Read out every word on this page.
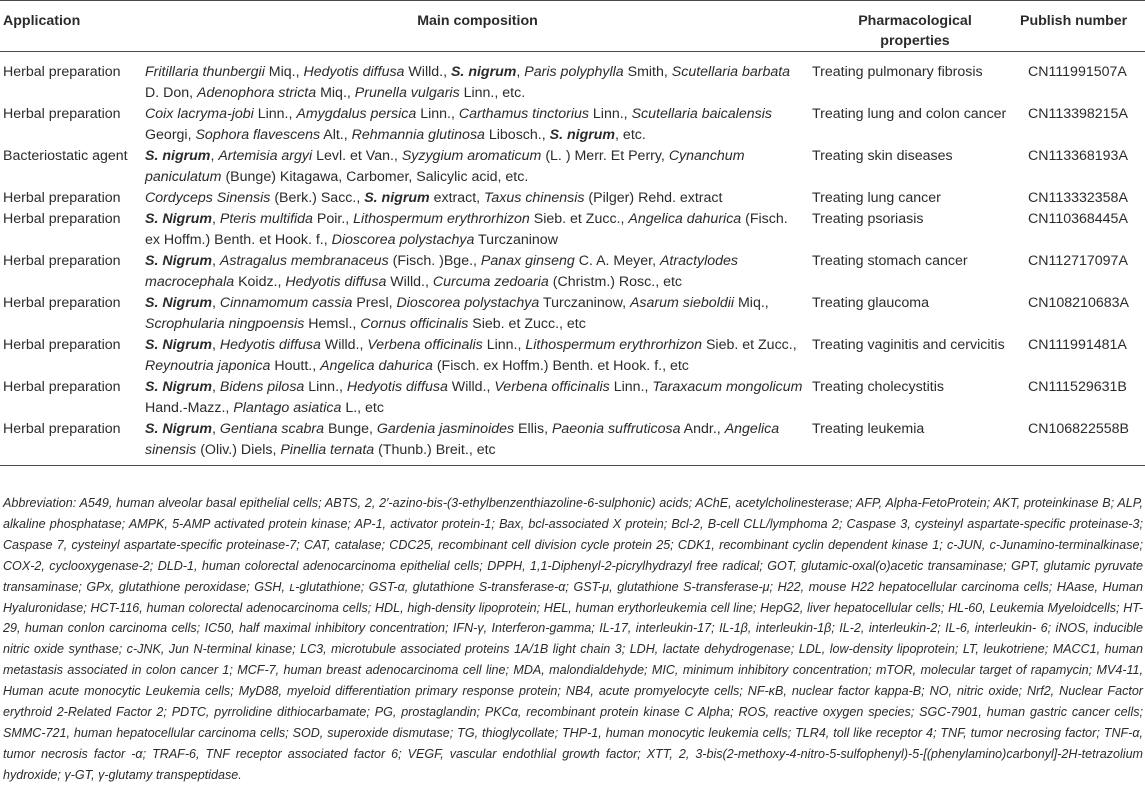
Application	Main composition	Pharmacological properties	Publish number
Herbal preparation	Fritillaria thunbergii Miq., Hedyotis diffusa Willd., S. nigrum, Paris polyphylla Smith, Scutellaria barbata D. Don, Adenophora stricta Miq., Prunella vulgaris Linn., etc.	Treating pulmonary fibrosis	CN111991507A
Herbal preparation	Coix lacryma-jobi Linn., Amygdalus persica Linn., Carthamus tinctorius Linn., Scutellaria baicalensis Georgi, Sophora flavescens Alt., Rehmannia glutinosa Libosch., S. nigrum, etc.	Treating lung and colon cancer	CN113398215A
Bacteriostatic agent	S. nigrum, Artemisia argyi Levl. et Van., Syzygium aromaticum (L. ) Merr. Et Perry, Cynanchum paniculatum (Bunge) Kitagawa, Carbomer, Salicylic acid, etc.	Treating skin diseases	CN113368193A
Herbal preparation	Cordyceps Sinensis (Berk.) Sacc., S. nigrum extract, Taxus chinensis (Pilger) Rehd. extract	Treating lung cancer	CN113332358A
Herbal preparation	S. Nigrum, Pteris multifida Poir., Lithospermum erythrorhizon Sieb. et Zucc., Angelica dahurica (Fisch. ex Hoffm.) Benth. et Hook. f., Dioscorea polystachya Turczaninow	Treating psoriasis	CN110368445A
Herbal preparation	S. Nigrum, Astragalus membranaceus (Fisch. )Bge., Panax ginseng C. A. Meyer, Atractylodes macrocephala Koidz., Hedyotis diffusa Willd., Curcuma zedoaria (Christm.) Rosc., etc	Treating stomach cancer	CN112717097A
Herbal preparation	S. Nigrum, Cinnamomum cassia Presl, Dioscorea polystachya Turczaninow, Asarum sieboldii Miq., Scrophularia ningpoensis Hemsl., Cornus officinalis Sieb. et Zucc., etc	Treating glaucoma	CN108210683A
Herbal preparation	S. Nigrum, Hedyotis diffusa Willd., Verbena officinalis Linn., Lithospermum erythrorhizon Sieb. et Zucc., Reynoutria japonica Houtt., Angelica dahurica (Fisch. ex Hoffm.) Benth. et Hook. f., etc	Treating vaginitis and cervicitis	CN111991481A
Herbal preparation	S. Nigrum, Bidens pilosa Linn., Hedyotis diffusa Willd., Verbena officinalis Linn., Taraxacum mongolicum Hand.-Mazz., Plantago asiatica L., etc	Treating cholecystitis	CN111529631B
Herbal preparation	S. Nigrum, Gentiana scabra Bunge, Gardenia jasminoides Ellis, Paeonia suffruticosa Andr., Angelica sinensis (Oliv.) Diels, Pinellia ternata (Thunb.) Breit., etc	Treating leukemia	CN106822558B
Abbreviation: A549, human alveolar basal epithelial cells; ABTS, 2, 2′-azino-bis-(3-ethylbenzenthiazoline-6-sulphonic) acids; AChE, acetylcholinesterase; AFP, Alpha-FetoProtein; AKT, proteinkinase B; ALP, alkaline phosphatase; AMPK, 5-AMP activated protein kinase; AP-1, activator protein-1; Bax, bcl-associated X protein; Bcl-2, B-cell CLL/lymphoma 2; Caspase 3, cysteinyl aspartate-specific proteinase-3; Caspase 7, cysteinyl aspartate-specific proteinase-7; CAT, catalase; CDC25, recombinant cell division cycle protein 25; CDK1, recombinant cyclin dependent kinase 1; c-JUN, c-Junamino-terminalkinase; COX-2, cyclooxygenase-2; DLD-1, human colorectal adenocarcinoma epithelial cells; DPPH, 1,1-Diphenyl-2-picrylhydrazyl free radical; GOT, glutamic-oxal(o)acetic transaminase; GPT, glutamic pyruvate transaminase; GPx, glutathione peroxidase; GSH, ʟ-glutathione; GST-α, glutathione S-transferase-α; GST-μ, glutathione S-transferase-μ; H22, mouse H22 hepatocellular carcinoma cells; HAase, Human Hyaluronidase; HCT-116, human colorectal adenocarcinoma cells; HDL, high-density lipoprotein; HEL, human erythorleukemia cell line; HepG2, liver hepatocellular cells; HL-60, Leukemia Myeloidcells; HT-29, human conlon carcinoma cells; IC50, half maximal inhibitory concentration; IFN-γ, Interferon-gamma; IL-17, interleukin-17; IL-1β, interleukin-1β; IL-2, interleukin-2; IL-6, interleukin- 6; iNOS, inducible nitric oxide synthase; c-JNK, Jun N-terminal kinase; LC3, microtubule associated proteins 1A/1B light chain 3; LDH, lactate dehydrogenase; LDL, low-density lipoprotein; LT, leukotriene; MACC1, human metastasis associated in colon cancer 1; MCF-7, human breast adenocarcinoma cell line; MDA, malondialdehyde; MIC, minimum inhibitory concentration; mTOR, molecular target of rapamycin; MV4-11, Human acute monocytic Leukemia cells; MyD88, myeloid differentiation primary response protein; NB4, acute promyelocyte cells; NF-κB, nuclear factor kappa-B; NO, nitric oxide; Nrf2, Nuclear Factor erythroid 2-Related Factor 2; PDTC, pyrrolidine dithiocarbamate; PG, prostaglandin; PKCα, recombinant protein kinase C Alpha; ROS, reactive oxygen species; SGC-7901, human gastric cancer cells; SMMC-721, human hepatocellular carcinoma cells; SOD, superoxide dismutase; TG, thioglycollate; THP-1, human monocytic leukemia cells; TLR4, toll like receptor 4; TNF, tumor necrosing factor; TNF-α, tumor necrosis factor -α; TRAF-6, TNF receptor associated factor 6; VEGF, vascular endothlial growth factor; XTT, 2, 3-bis(2-methoxy-4-nitro-5-sulfophenyl)-5-[(phenylamino)carbonyl]-2H-tetrazolium hydroxide; γ-GT, γ-glutamy transpeptidase.
